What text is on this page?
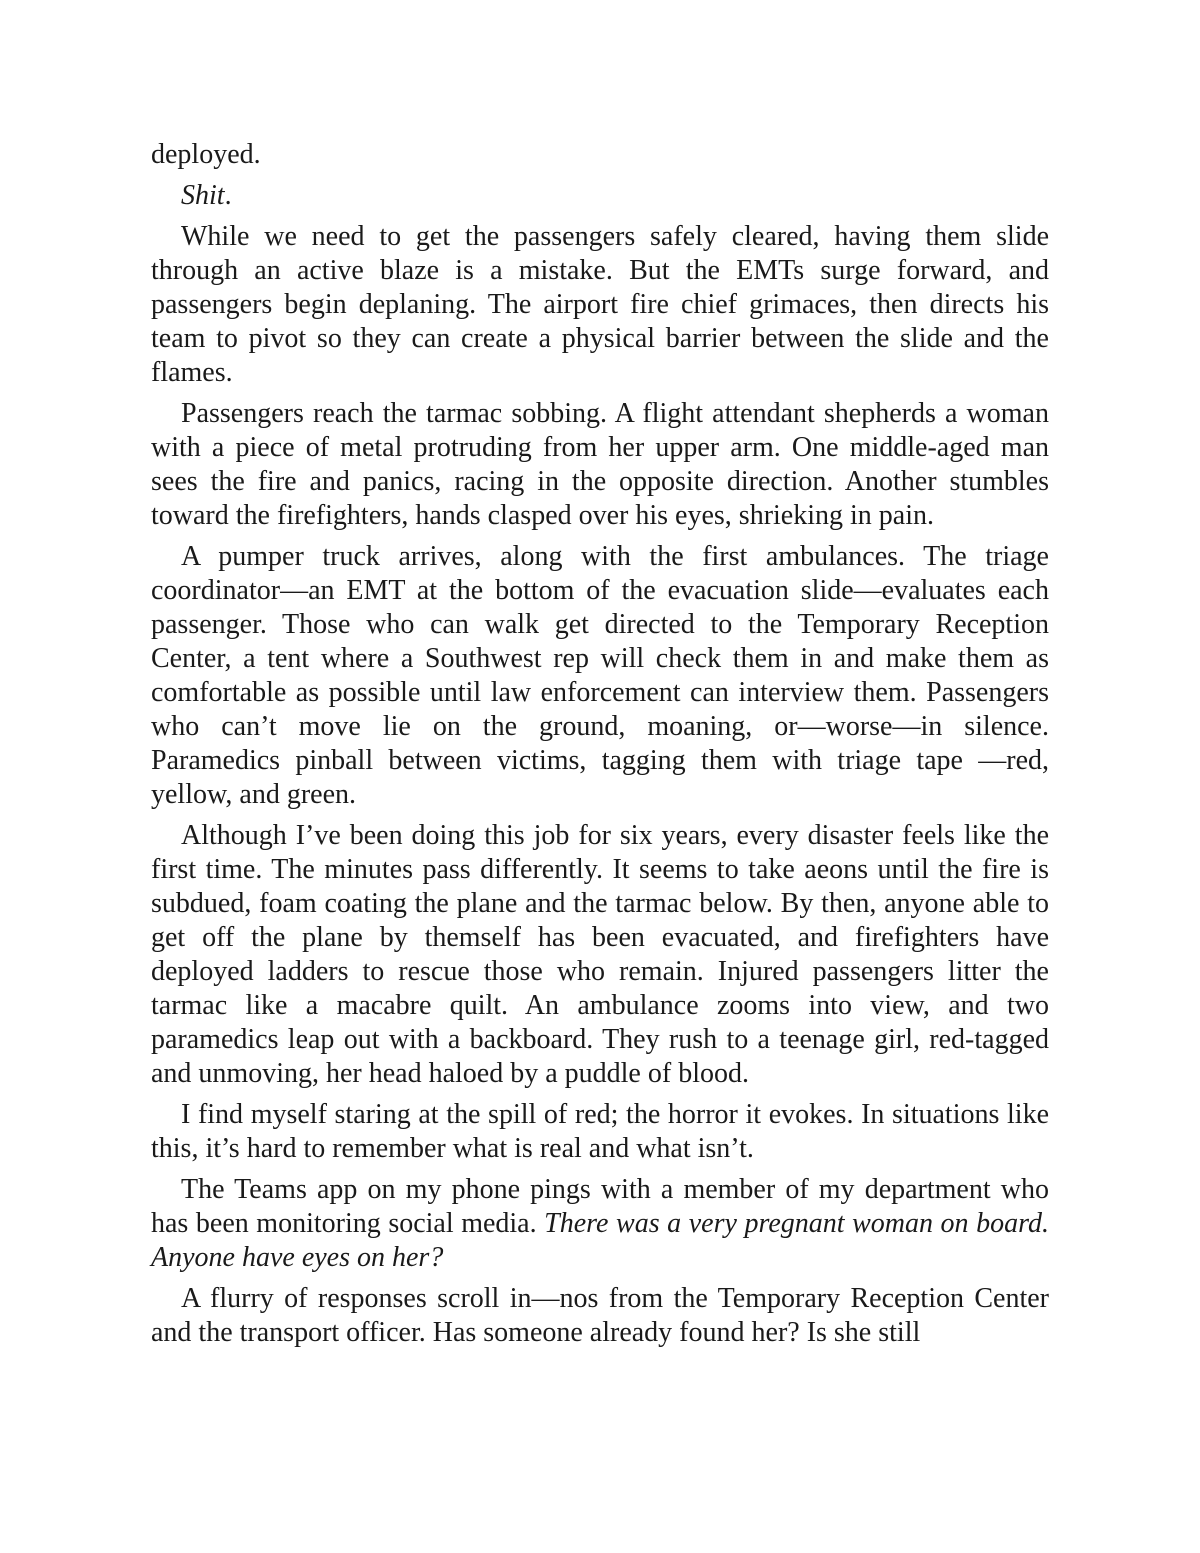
deployed.

Shit.

While we need to get the passengers safely cleared, having them slide through an active blaze is a mistake. But the EMTs surge forward, and passengers begin deplaning. The airport fire chief grimaces, then directs his team to pivot so they can create a physical barrier between the slide and the flames.

Passengers reach the tarmac sobbing. A flight attendant shepherds a woman with a piece of metal protruding from her upper arm. One middle-aged man sees the fire and panics, racing in the opposite direction. Another stumbles toward the firefighters, hands clasped over his eyes, shrieking in pain.

A pumper truck arrives, along with the first ambulances. The triage coordinator—an EMT at the bottom of the evacuation slide—evaluates each passenger. Those who can walk get directed to the Temporary Reception Center, a tent where a Southwest rep will check them in and make them as comfortable as possible until law enforcement can interview them. Passengers who can’t move lie on the ground, moaning, or—worse—in silence. Paramedics pinball between victims, tagging them with triage tape —red, yellow, and green.

Although I’ve been doing this job for six years, every disaster feels like the first time. The minutes pass differently. It seems to take aeons until the fire is subdued, foam coating the plane and the tarmac below. By then, anyone able to get off the plane by themself has been evacuated, and firefighters have deployed ladders to rescue those who remain. Injured passengers litter the tarmac like a macabre quilt. An ambulance zooms into view, and two paramedics leap out with a backboard. They rush to a teenage girl, red-tagged and unmoving, her head haloed by a puddle of blood.

I find myself staring at the spill of red; the horror it evokes. In situations like this, it’s hard to remember what is real and what isn’t.

The Teams app on my phone pings with a member of my department who has been monitoring social media. There was a very pregnant woman on board. Anyone have eyes on her?

A flurry of responses scroll in—nos from the Temporary Reception Center and the transport officer. Has someone already found her? Is she still
